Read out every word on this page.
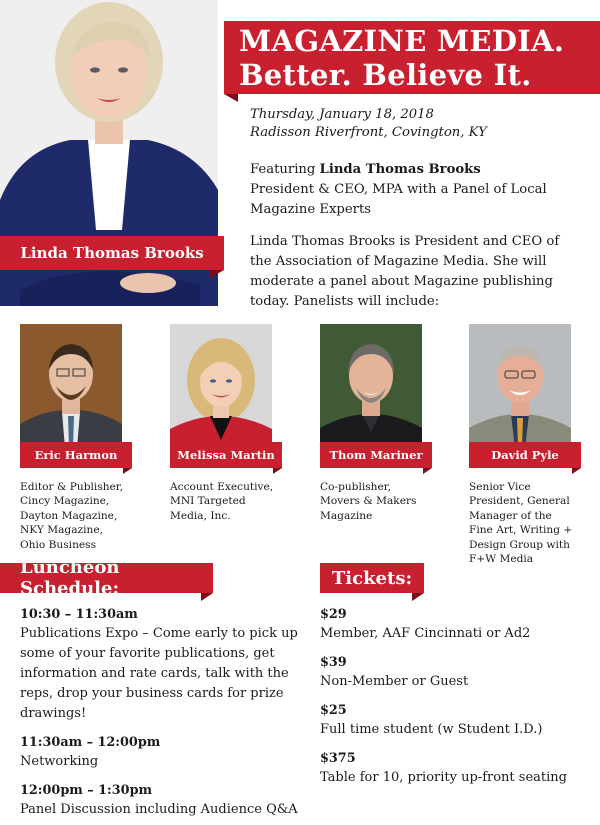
Linda Thomas Brooks
MAGAZINE MEDIA.
Better. Believe It.
Thursday, January 18, 2018
Radisson Riverfront, Covington, KY
Featuring Linda Thomas Brooks
President & CEO, MPA with a Panel of Local
Magazine Experts
Linda Thomas Brooks is President and CEO of
the Association of Magazine Media. She will
moderate a panel about Magazine publishing
today. Panelists will include:
Eric Harmon
Editor & Publisher,
Cincy Magazine,
Dayton Magazine,
NKY Magazine,
Ohio Business
Melissa Martin
Account Executive,
MNI Targeted
Media, Inc.
Thom Mariner
Co-publisher,
Movers & Makers
Magazine
David Pyle
Senior Vice
President, General
Manager of the
Fine Art, Writing +
Design Group with
F+W Media
Luncheon Schedule:
10:30 – 11:30am
Publications Expo – Come early to pick up
some of your favorite publications, get
information and rate cards, talk with the
reps, drop your business cards for prize
drawings!
11:30am – 12:00pm
Networking
12:00pm – 1:30pm
Panel Discussion including Audience Q&A
Tickets:
$29
Member, AAF Cincinnati or Ad2
$39
Non-Member or Guest
$25
Full time student (w Student I.D.)
$375
Table for 10, priority up-front seating
